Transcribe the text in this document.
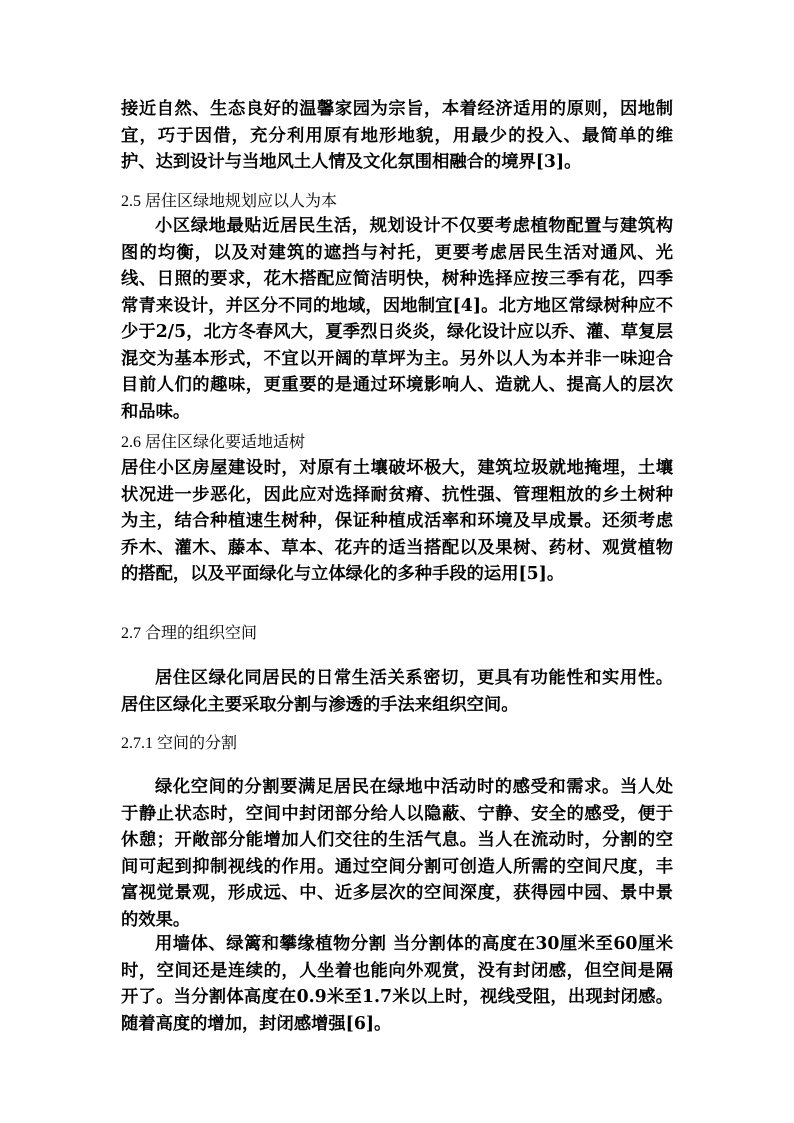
接近自然、生态良好的温馨家园为宗旨，本着经济适用的原则，因地制宜，巧于因借，充分利用原有地形地貌，用最少的投入、最简单的维护、达到设计与当地风土人情及文化氛围相融合的境界[3]。

2.5 居住区绿地规划应以人为本

小区绿地最贴近居民生活，规划设计不仅要考虑植物配置与建筑构图的均衡，以及对建筑的遮挡与衬托，更要考虑居民生活对通风、光线、日照的要求，花木搭配应简洁明快，树种选择应按三季有花，四季常青来设计，并区分不同的地域，因地制宜[4]。北方地区常绿树种应不少于2/5，北方冬春风大，夏季烈日炎炎，绿化设计应以乔、灌、草复层混交为基本形式，不宜以开阔的草坪为主。另外以人为本并非一味迎合目前人们的趣味，更重要的是通过环境影响人、造就人、提高人的层次和品味。

2.6 居住区绿化要适地适树

居住小区房屋建设时，对原有土壤破坏极大，建筑垃圾就地掩埋，土壤状况进一步恶化，因此应对选择耐贫瘠、抗性强、管理粗放的乡土树种为主，结合种植速生树种，保证种植成活率和环境及早成景。还须考虑乔木、灌木、藤本、草本、花卉的适当搭配以及果树、药材、观赏植物的搭配，以及平面绿化与立体绿化的多种手段的运用[5]。

2.7 合理的组织空间

居住区绿化同居民的日常生活关系密切，更具有功能性和实用性。居住区绿化主要采取分割与渗透的手法来组织空间。

2.7.1 空间的分割

绿化空间的分割要满足居民在绿地中活动时的感受和需求。当人处于静止状态时，空间中封闭部分给人以隐蔽、宁静、安全的感受，便于休憩；开敞部分能增加人们交往的生活气息。当人在流动时，分割的空间可起到抑制视线的作用。通过空间分割可创造人所需的空间尺度，丰富视觉景观，形成远、中、近多层次的空间深度，获得园中园、景中景的效果。

用墙体、绿篱和攀缘植物分割 当分割体的高度在30厘米至60厘米时，空间还是连续的，人坐着也能向外观赏，没有封闭感，但空间是隔开了。当分割体高度在0.9米至1.7米以上时，视线受阻，出现封闭感。随着高度的增加，封闭感增强[6]。
